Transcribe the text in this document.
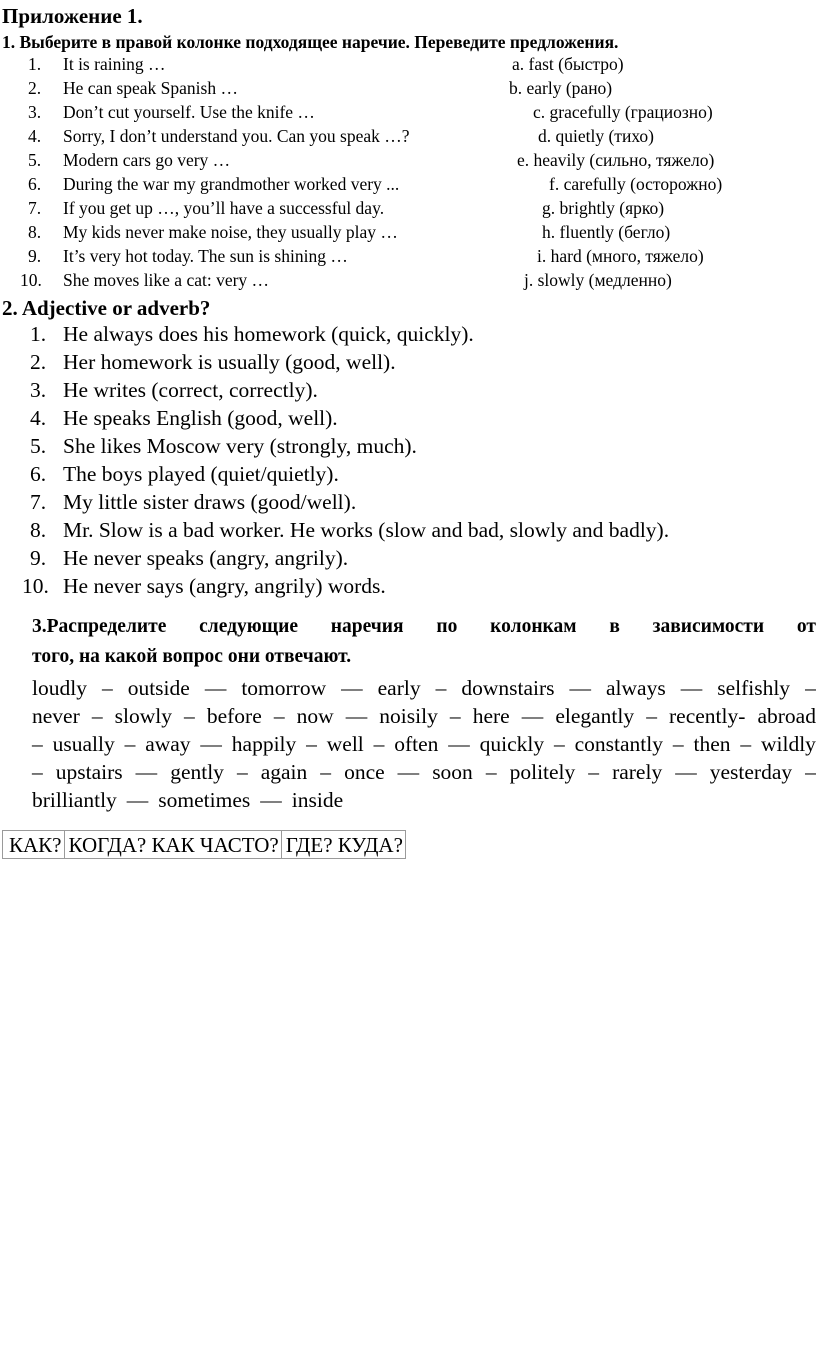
Приложение 1.
1. Выберите в правой колонке подходящее наречие. Переведите предложения.
1.	It is raining …	a. fast (быстро)
2.	He can speak Spanish …	b. early (рано)
3.	Don’t cut yourself. Use the knife …	c. gracefully (грациозно)
4.	Sorry, I don’t understand you. Can you speak …?	d. quietly (тихо)
5.	Modern cars go very …	e. heavily (сильно, тяжело)
6.	During the war my grandmother worked very ...	f. carefully (осторожно)
7.	If you get up …, you’ll have a successful day.	g. brightly (ярко)
8.	My kids never make noise, they usually play …	h. fluently (бегло)
9.	It’s very hot today. The sun is shining …	i. hard (много, тяжело)
10.	She moves like a cat: very …	j. slowly (медленно)
2. Adjective or adverb?
1. He always does his homework (quick, quickly).
2. Her homework is usually (good, well).
3. He writes (correct, correctly).
4. He speaks English (good, well).
5. She likes Moscow very (strongly, much).
6. The boys played (quiet/quietly).
7. My little sister draws (good/well).
8. Mr. Slow is a bad worker. He works (slow and bad, slowly and badly).
9. He never speaks (angry, angrily).
10. He never says (angry, angrily) words.
3.Распределите следующие наречия по колонкам в зависимости от
того, на какой вопрос они отвечают.
loudly – outside — tomorrow — early – downstairs — always — selfishly –
never – slowly – before – now — noisily – here — elegantly – recently- abroad
– usually – away — happily – well – often — quickly – constantly – then – wildly
– upstairs — gently – again – once — soon – politely – rarely — yesterday –
brilliantly — sometimes — inside
КАК?	КОГДА? КАК ЧАСТО?	ГДЕ? КУДА?
